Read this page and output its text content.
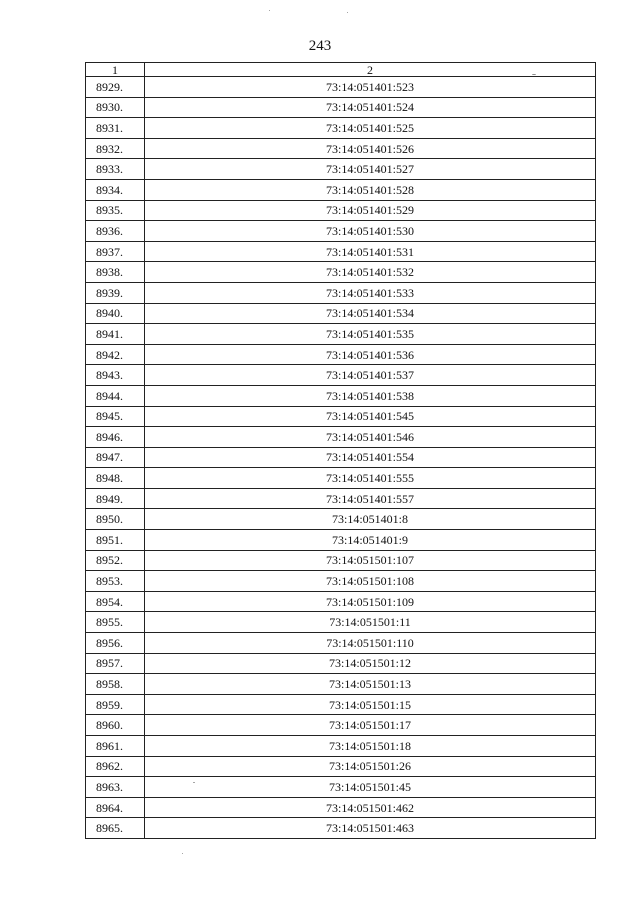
243
1	2
8929.	73:14:051401:523
8930.	73:14:051401:524
8931.	73:14:051401:525
8932.	73:14:051401:526
8933.	73:14:051401:527
8934.	73:14:051401:528
8935.	73:14:051401:529
8936.	73:14:051401:530
8937.	73:14:051401:531
8938.	73:14:051401:532
8939.	73:14:051401:533
8940.	73:14:051401:534
8941.	73:14:051401:535
8942.	73:14:051401:536
8943.	73:14:051401:537
8944.	73:14:051401:538
8945.	73:14:051401:545
8946.	73:14:051401:546
8947.	73:14:051401:554
8948.	73:14:051401:555
8949.	73:14:051401:557
8950.	73:14:051401:8
8951.	73:14:051401:9
8952.	73:14:051501:107
8953.	73:14:051501:108
8954.	73:14:051501:109
8955.	73:14:051501:11
8956.	73:14:051501:110
8957.	73:14:051501:12
8958.	73:14:051501:13
8959.	73:14:051501:15
8960.	73:14:051501:17
8961.	73:14:051501:18
8962.	73:14:051501:26
8963.	73:14:051501:45
8964.	73:14:051501:462
8965.	73:14:051501:463
